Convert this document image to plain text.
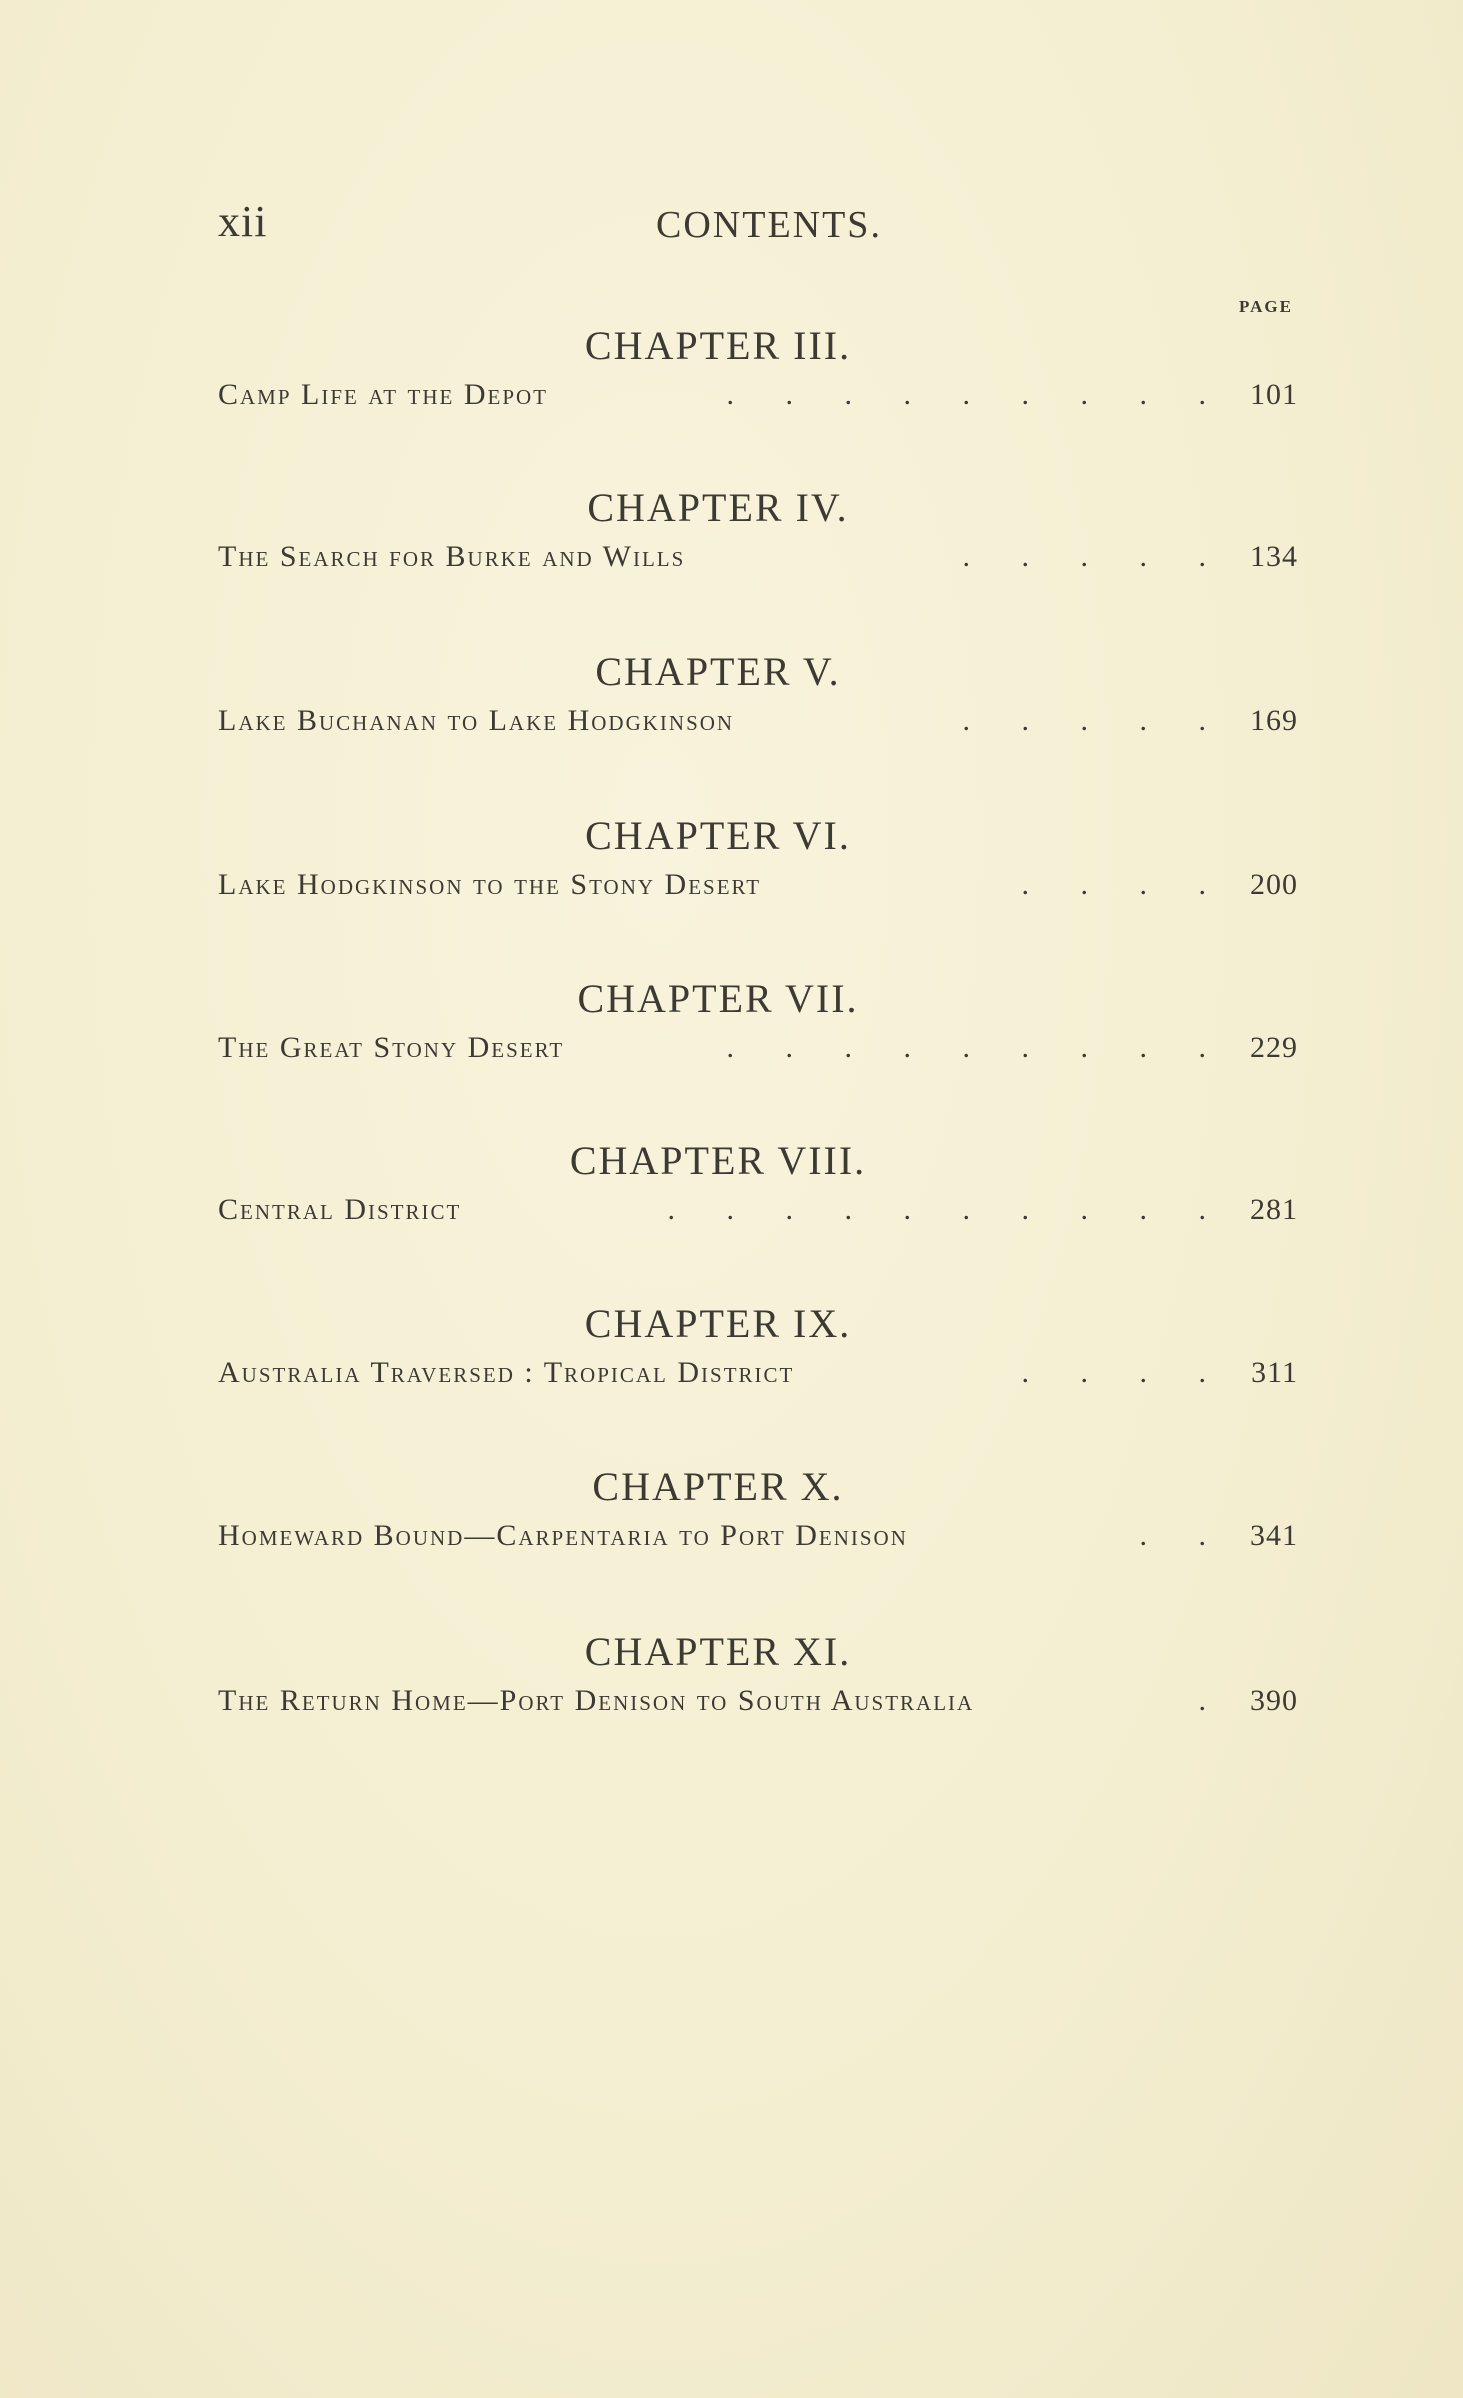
xii	CONTENTS.
PAGE
CHAPTER III.
Camp Life at the Depot	. . . . . . . . . 101
CHAPTER IV.
The Search for Burke and Wills	. . . . . 134
CHAPTER V.
Lake Buchanan to Lake Hodgkinson	. . . . . 169
CHAPTER VI.
Lake Hodgkinson to the Stony Desert	. . . . 200
CHAPTER VII.
The Great Stony Desert	. . . . . . . . . 229
CHAPTER VIII.
Central District	. . . . . . . . . . 281
CHAPTER IX.
Australia Traversed : Tropical District	. . . . 311
CHAPTER X.
Homeward Bound—Carpentaria to Port Denison	. . 341
CHAPTER XI.
The Return Home—Port Denison to South Australia	. 390
